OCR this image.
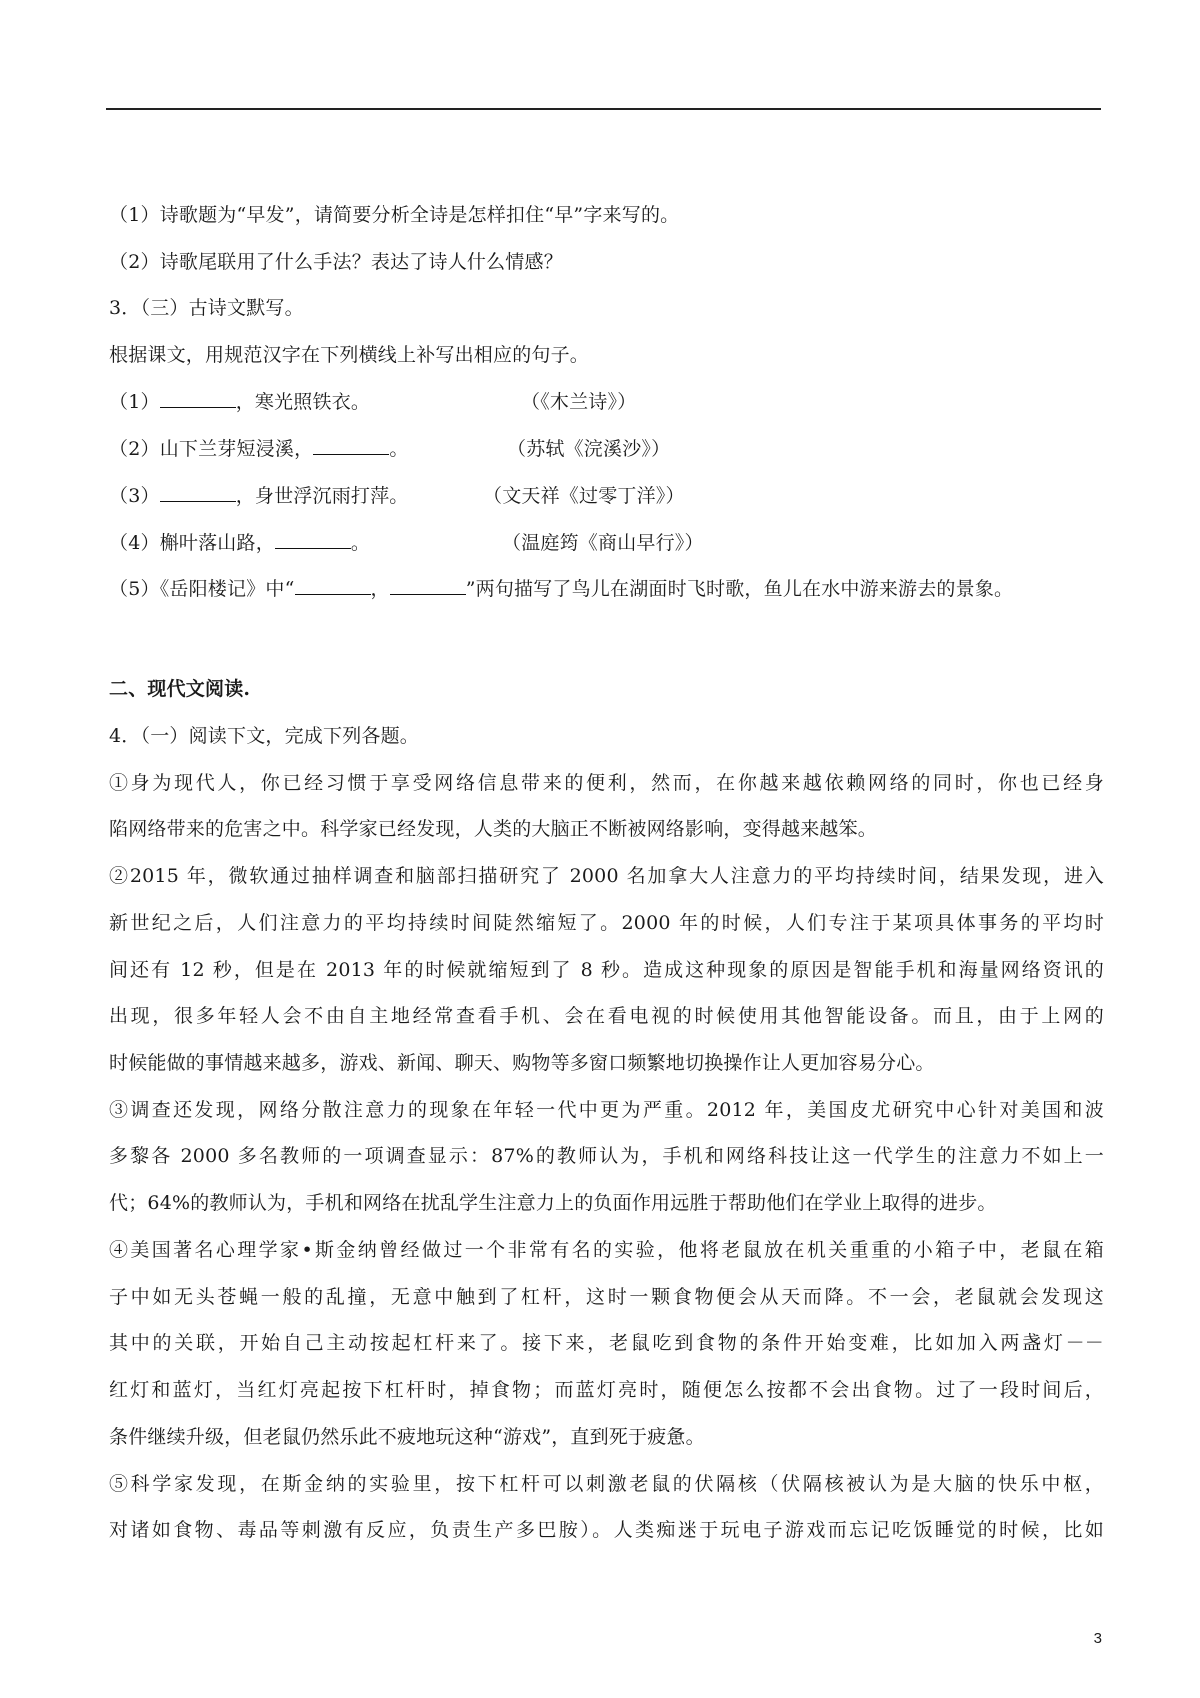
（1）诗歌题为“早发”，请简要分析全诗是怎样扣住“早”字来写的。
（2）诗歌尾联用了什么手法？表达了诗人什么情感？
3．（三）古诗文默写。
根据课文，用规范汉字在下列横线上补写出相应的句子。
（1）	，寒光照铁衣。	（《木兰诗》）
（2）山下兰芽短浸溪，	。	（苏轼《浣溪沙》）
（3）	，身世浮沉雨打萍。	（文天祥《过零丁洋》）
（4）槲叶落山路，	。	（温庭筠《商山早行》）
（5）《岳阳楼记》中“	，	”两句描写了鸟儿在湖面时飞时歌，鱼儿在水中游来游去的景象。
二、现代文阅读.
4．（一）阅读下文，完成下列各题。
①身为现代人，你已经习惯于享受网络信息带来的便利，然而，在你越来越依赖网络的同时，你也已经身
陷网络带来的危害之中。科学家已经发现，人类的大脑正不断被网络影响，变得越来越笨。
②2015 年，微软通过抽样调查和脑部扫描研究了 2000 名加拿大人注意力的平均持续时间，结果发现，进入
新世纪之后，人们注意力的平均持续时间陡然缩短了。2000 年的时候，人们专注于某项具体事务的平均时
间还有 12 秒，但是在 2013 年的时候就缩短到了 8 秒。造成这种现象的原因是智能手机和海量网络资讯的
出现，很多年轻人会不由自主地经常查看手机、会在看电视的时候使用其他智能设备。而且，由于上网的
时候能做的事情越来越多，游戏、新闻、聊天、购物等多窗口频繁地切换操作让人更加容易分心。
③调查还发现，网络分散注意力的现象在年轻一代中更为严重。2012 年，美国皮尤研究中心针对美国和波
多黎各 2000 多名教师的一项调查显示：87%的教师认为，手机和网络科技让这一代学生的注意力不如上一
代；64%的教师认为，手机和网络在扰乱学生注意力上的负面作用远胜于帮助他们在学业上取得的进步。
④美国著名心理学家•斯金纳曾经做过一个非常有名的实验，他将老鼠放在机关重重的小箱子中，老鼠在箱
子中如无头苍蝇一般的乱撞，无意中触到了杠杆，这时一颗食物便会从天而降。不一会，老鼠就会发现这
其中的关联，开始自己主动按起杠杆来了。接下来，老鼠吃到食物的条件开始变难，比如加入两盏灯－－
红灯和蓝灯，当红灯亮起按下杠杆时，掉食物；而蓝灯亮时，随便怎么按都不会出食物。过了一段时间后，
条件继续升级，但老鼠仍然乐此不疲地玩这种“游戏”，直到死于疲惫。
⑤科学家发现，在斯金纳的实验里，按下杠杆可以刺激老鼠的伏隔核（伏隔核被认为是大脑的快乐中枢，
对诸如食物、毒品等刺激有反应，负责生产多巴胺）。人类痴迷于玩电子游戏而忘记吃饭睡觉的时候，比如
3
